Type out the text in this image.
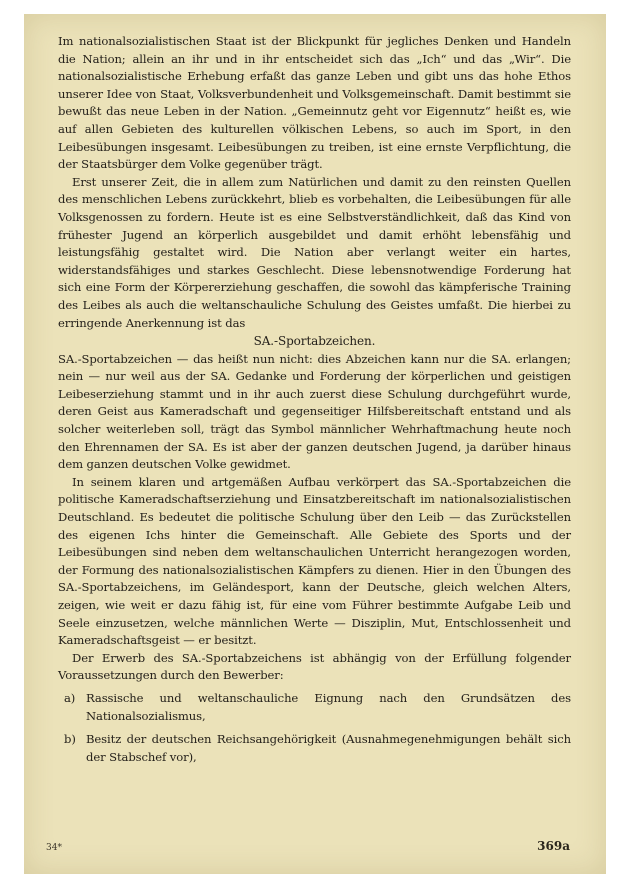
Im nationalsozialistischen Staat ist der Blickpunkt für jegliches Denken und Handeln die Nation; allein an ihr und in ihr entscheidet sich das „Ich“ und das „Wir“. Die nationalsozialistische Erhebung erfaßt das ganze Leben und gibt uns das hohe Ethos unserer Idee von Staat, Volksverbundenheit und Volksgemeinschaft. Damit bestimmt sie bewußt das neue Leben in der Nation. „Gemeinnutz geht vor Eigennutz“ heißt es, wie auf allen Gebieten des kulturellen völkischen Lebens, so auch im Sport, in den Leibesübungen insgesamt. Leibesübungen zu treiben, ist eine ernste Verpflichtung, die der Staatsbürger dem Volke gegenüber trägt.

Erst unserer Zeit, die in allem zum Natürlichen und damit zu den reinsten Quellen des menschlichen Lebens zurückkehrt, blieb es vorbehalten, die Leibesübungen für alle Volksgenossen zu fordern. Heute ist es eine Selbstverständlichkeit, daß das Kind von frühester Jugend an körperlich ausgebildet und damit erhöht lebensfähig und leistungsfähig gestaltet wird. Die Nation aber verlangt weiter ein hartes, widerstandsfähiges und starkes Geschlecht. Diese lebensnotwendige Forderung hat sich eine Form der Körpererziehung geschaffen, die sowohl das kämpferische Training des Leibes als auch die weltanschauliche Schulung des Geistes umfaßt. Die hierbei zu erringende Anerkennung ist das

SA.-Sportabzeichen.

SA.-Sportabzeichen — das heißt nun nicht: dies Abzeichen kann nur die SA. erlangen; nein — nur weil aus der SA. Gedanke und Forderung der körperlichen und geistigen Leibeserziehung stammt und in ihr auch zuerst diese Schulung durchgeführt wurde, deren Geist aus Kameradschaft und gegenseitiger Hilfsbereitschaft entstand und als solcher weiterleben soll, trägt das Symbol männlicher Wehrhaftmachung heute noch den Ehrennamen der SA. Es ist aber der ganzen deutschen Jugend, ja darüber hinaus dem ganzen deutschen Volke gewidmet.

In seinem klaren und artgemäßen Aufbau verkörpert das SA.-Sportabzeichen die politische Kameradschaftserziehung und Einsatzbereitschaft im nationalsozialistischen Deutschland. Es bedeutet die politische Schulung über den Leib — das Zurückstellen des eigenen Ichs hinter die Gemeinschaft. Alle Gebiete des Sports und der Leibesübungen sind neben dem weltanschaulichen Unterricht herangezogen worden, der Formung des nationalsozialistischen Kämpfers zu dienen. Hier in den Übungen des SA.-Sportabzeichens, im Geländesport, kann der Deutsche, gleich welchen Alters, zeigen, wie weit er dazu fähig ist, für eine vom Führer bestimmte Aufgabe Leib und Seele einzusetzen, welche männlichen Werte — Disziplin, Mut, Entschlossenheit und Kameradschaftsgeist — er besitzt.

Der Erwerb des SA.-Sportabzeichens ist abhängig von der Erfüllung folgender Voraussetzungen durch den Bewerber:

a) Rassische und weltanschauliche Eignung nach den Grundsätzen des Nationalsozialismus,
b) Besitz der deutschen Reichsangehörigkeit (Ausnahmegenehmigungen behält sich der Stabschef vor),
34*	369a
